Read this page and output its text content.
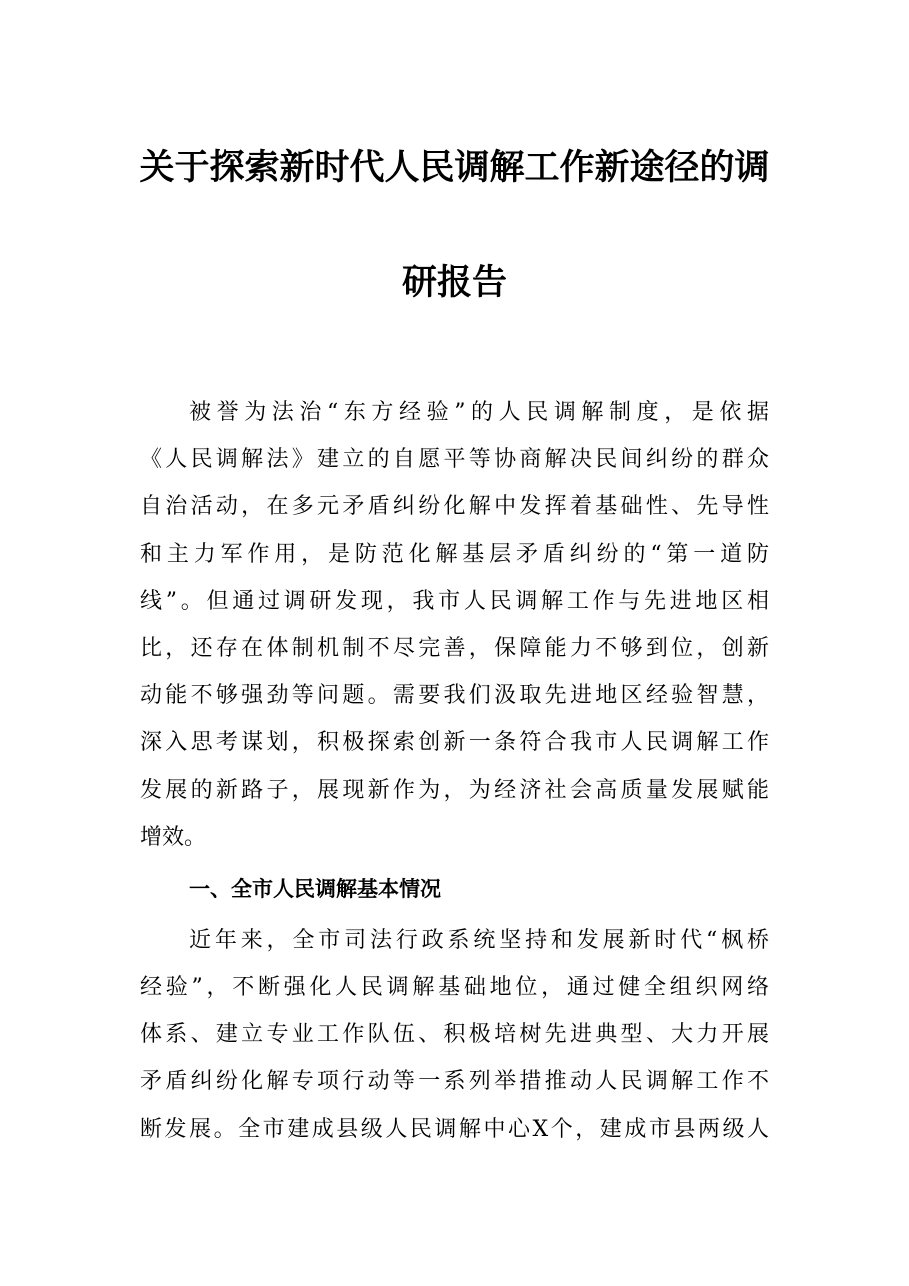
关于探索新时代人民调解工作新途径的调
研报告
被誉为法治“东方经验”的人民调解制度，是依据
《人民调解法》建立的自愿平等协商解决民间纠纷的群众
自治活动，在多元矛盾纠纷化解中发挥着基础性、先导性
和主力军作用，是防范化解基层矛盾纠纷的“第一道防
线”。但通过调研发现，我市人民调解工作与先进地区相
比，还存在体制机制不尽完善，保障能力不够到位，创新
动能不够强劲等问题。需要我们汲取先进地区经验智慧，
深入思考谋划，积极探索创新一条符合我市人民调解工作
发展的新路子，展现新作为，为经济社会高质量发展赋能
增效。
一、全市人民调解基本情况
近年来，全市司法行政系统坚持和发展新时代“枫桥
经验”，不断强化人民调解基础地位，通过健全组织网络
体系、建立专业工作队伍、积极培树先进典型、大力开展
矛盾纠纷化解专项行动等一系列举措推动人民调解工作不
断发展。全市建成县级人民调解中心X个，建成市县两级人
